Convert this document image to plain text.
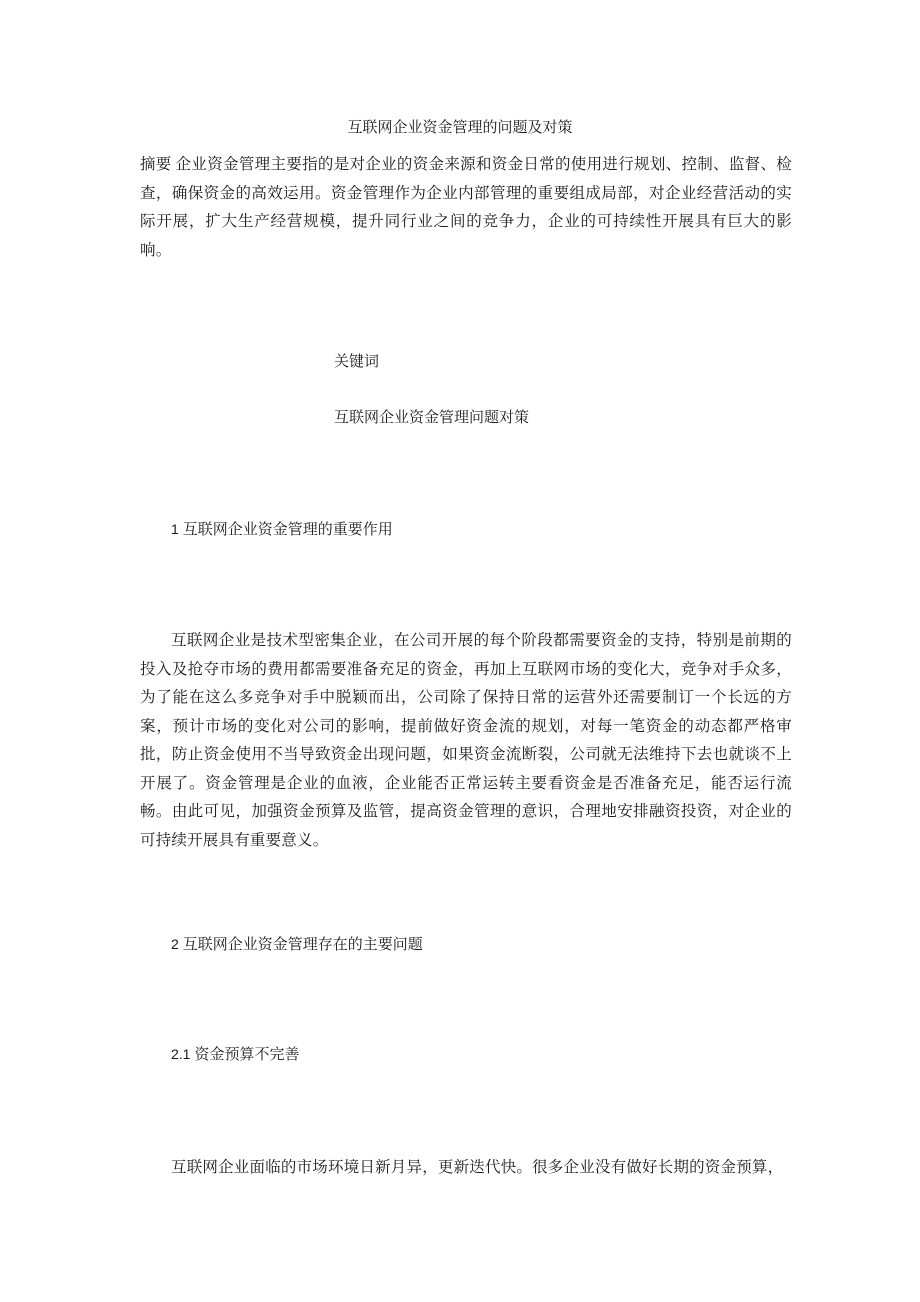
互联网企业资金管理的问题及对策

摘要 企业资金管理主要指的是对企业的资金来源和资金日常的使用进行规划、控制、监督、检查，确保资金的高效运用。资金管理作为企业内部管理的重要组成局部，对企业经营活动的实际开展，扩大生产经营规模，提升同行业之间的竞争力，企业的可持续性开展具有巨大的影响。

关键词

互联网企业资金管理问题对策

1 互联网企业资金管理的重要作用

互联网企业是技术型密集企业，在公司开展的每个阶段都需要资金的支持，特别是前期的投入及抢夺市场的费用都需要准备充足的资金，再加上互联网市场的变化大，竞争对手众多，为了能在这么多竞争对手中脱颖而出，公司除了保持日常的运营外还需要制订一个长远的方案，预计市场的变化对公司的影响，提前做好资金流的规划，对每一笔资金的动态都严格审批，防止资金使用不当导致资金出现问题，如果资金流断裂，公司就无法维持下去也就谈不上开展了。资金管理是企业的血液，企业能否正常运转主要看资金是否准备充足，能否运行流畅。由此可见，加强资金预算及监管，提高资金管理的意识，合理地安排融资投资，对企业的可持续开展具有重要意义。

2 互联网企业资金管理存在的主要问题
2.1 资金预算不完善

互联网企业面临的市场环境日新月异，更新迭代快。很多企业没有做好长期的资金预算，
